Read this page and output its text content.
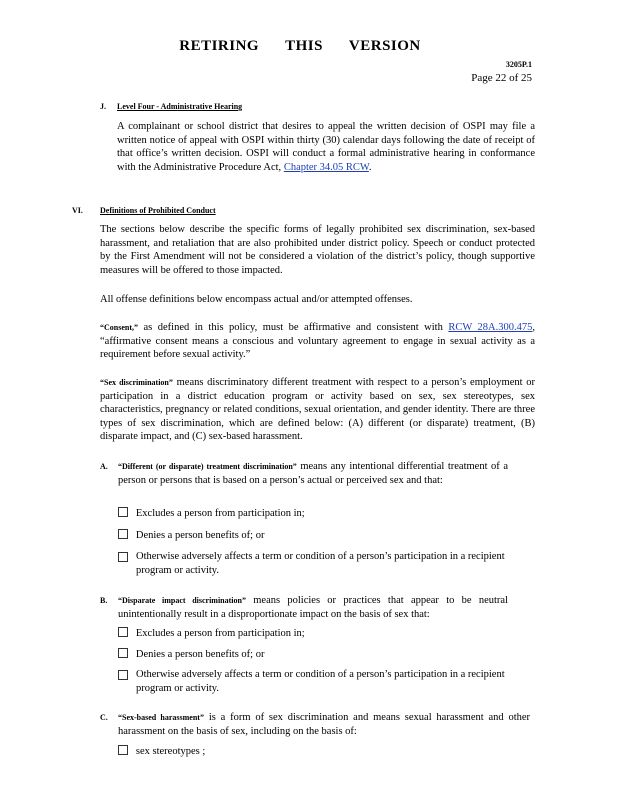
RETIRING THIS VERSION
3205P.1
Page 22 of 25
J. Level Four - Administrative Hearing
A complainant or school district that desires to appeal the written decision of OSPI may file a written notice of appeal with OSPI within thirty (30) calendar days following the date of receipt of that office’s written decision. OSPI will conduct a formal administrative hearing in conformance with the Administrative Procedure Act, Chapter 34.05 RCW.
VI. Definitions of Prohibited Conduct
The sections below describe the specific forms of legally prohibited sex discrimination, sex-based harassment, and retaliation that are also prohibited under district policy. Speech or conduct protected by the First Amendment will not be considered a violation of the district’s policy, though supportive measures will be offered to those impacted.
All offense definitions below encompass actual and/or attempted offenses.
“Consent,” as defined in this policy, must be affirmative and consistent with RCW 28A.300.475, “affirmative consent means a conscious and voluntary agreement to engage in sexual activity as a requirement before sexual activity.”
“Sex discrimination” means discriminatory different treatment with respect to a person’s employment or participation in a district education program or activity based on sex, sex stereotypes, sex characteristics, pregnancy or related conditions, sexual orientation, and gender identity. There are three types of sex discrimination, which are defined below: (A) different (or disparate) treatment, (B) disparate impact, and (C) sex-based harassment.
A. “Different (or disparate) treatment discrimination” means any intentional differential treatment of a person or persons that is based on a person’s actual or perceived sex and that:
Excludes a person from participation in;
Denies a person benefits of; or
Otherwise adversely affects a term or condition of a person’s participation in a recipient program or activity.
B. “Disparate impact discrimination” means policies or practices that appear to be neutral unintentionally result in a disproportionate impact on the basis of sex that:
Excludes a person from participation in;
Denies a person benefits of; or
Otherwise adversely affects a term or condition of a person’s participation in a recipient program or activity.
C. “Sex-based harassment” is a form of sex discrimination and means sexual harassment and other harassment on the basis of sex, including on the basis of:
sex stereotypes ;
